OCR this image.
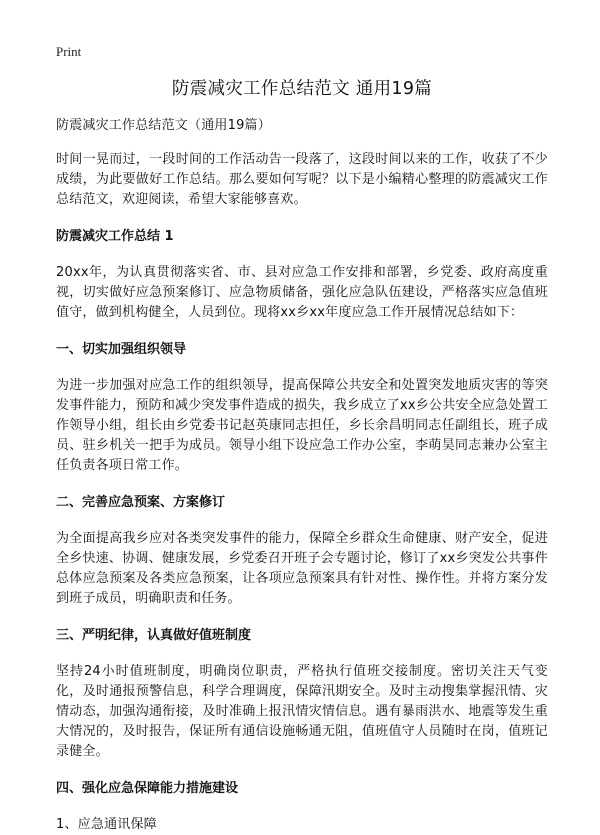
Print
防震减灾工作总结范文 通用19篇

防震减灾工作总结范文（通用19篇）

时间一晃而过，一段时间的工作活动告一段落了，这段时间以来的工作，收获了不少成绩，为此要做好工作总结。那么要如何写呢？以下是小编精心整理的防震减灾工作总结范文，欢迎阅读，希望大家能够喜欢。

防震减灾工作总结 1

20xx年，为认真贯彻落实省、市、县对应急工作安排和部署，乡党委、政府高度重视，切实做好应急预案修订、应急物质储备，强化应急队伍建设，严格落实应急值班值守，做到机构健全，人员到位。现将xx乡xx年度应急工作开展情况总结如下：

一、切实加强组织领导

为进一步加强对应急工作的组织领导，提高保障公共安全和处置突发地质灾害的等突发事件能力，预防和减少突发事件造成的损失，我乡成立了xx乡公共安全应急处置工作领导小组，组长由乡党委书记赵英康同志担任，乡长余昌明同志任副组长，班子成员、驻乡机关一把手为成员。领导小组下设应急工作办公室，李萌昊同志兼办公室主任负责各项日常工作。

二、完善应急预案、方案修订

为全面提高我乡应对各类突发事件的能力，保障全乡群众生命健康、财产安全，促进全乡快速、协调、健康发展，乡党委召开班子会专题讨论，修订了xx乡突发公共事件总体应急预案及各类应急预案，让各项应急预案具有针对性、操作性。并将方案分发到班子成员，明确职责和任务。

三、严明纪律，认真做好值班制度

坚持24小时值班制度，明确岗位职责，严格执行值班交接制度。密切关注天气变化，及时通报预警信息，科学合理调度，保障汛期安全。及时主动搜集掌握汛情、灾情动态，加强沟通衔接，及时准确上报汛情灾情信息。遇有暴雨洪水、地震等发生重大情况的，及时报告，保证所有通信设施畅通无阻，值班值守人员随时在岗，值班记录健全。

四、强化应急保障能力措施建设

1、应急通讯保障
